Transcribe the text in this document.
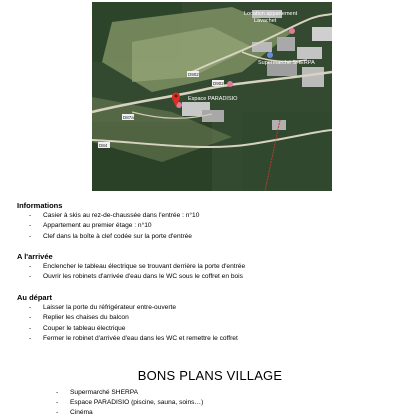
Location appartement
Lavachet
Supermarché SHERPA
Espace PARADISIO
D902
D902
D87a
D84

Informations

- Casier à skis au rez-de-chaussée dans l'entrée : n°10
- Appartement au premier étage : n°10
- Clef dans la boîte à clef codée sur la porte d'entrée

A l'arrivée

- Enclencher le tableau électrique se trouvant derrière la porte d'entrée
- Ouvrir les robinets d'arrivée d'eau dans le WC sous le coffret en bois

Au départ

- Laisser la porte du réfrigérateur entre-ouverte
- Replier les chaises du balcon
- Couper le tableau électrique
- Fermer le robinet d'arrivée d'eau dans les WC et remettre le coffret
BONS PLANS VILLAGE
- Supermarché SHERPA
- Espace PARADISIO (piscine, sauna, soins…)
- Cinéma
